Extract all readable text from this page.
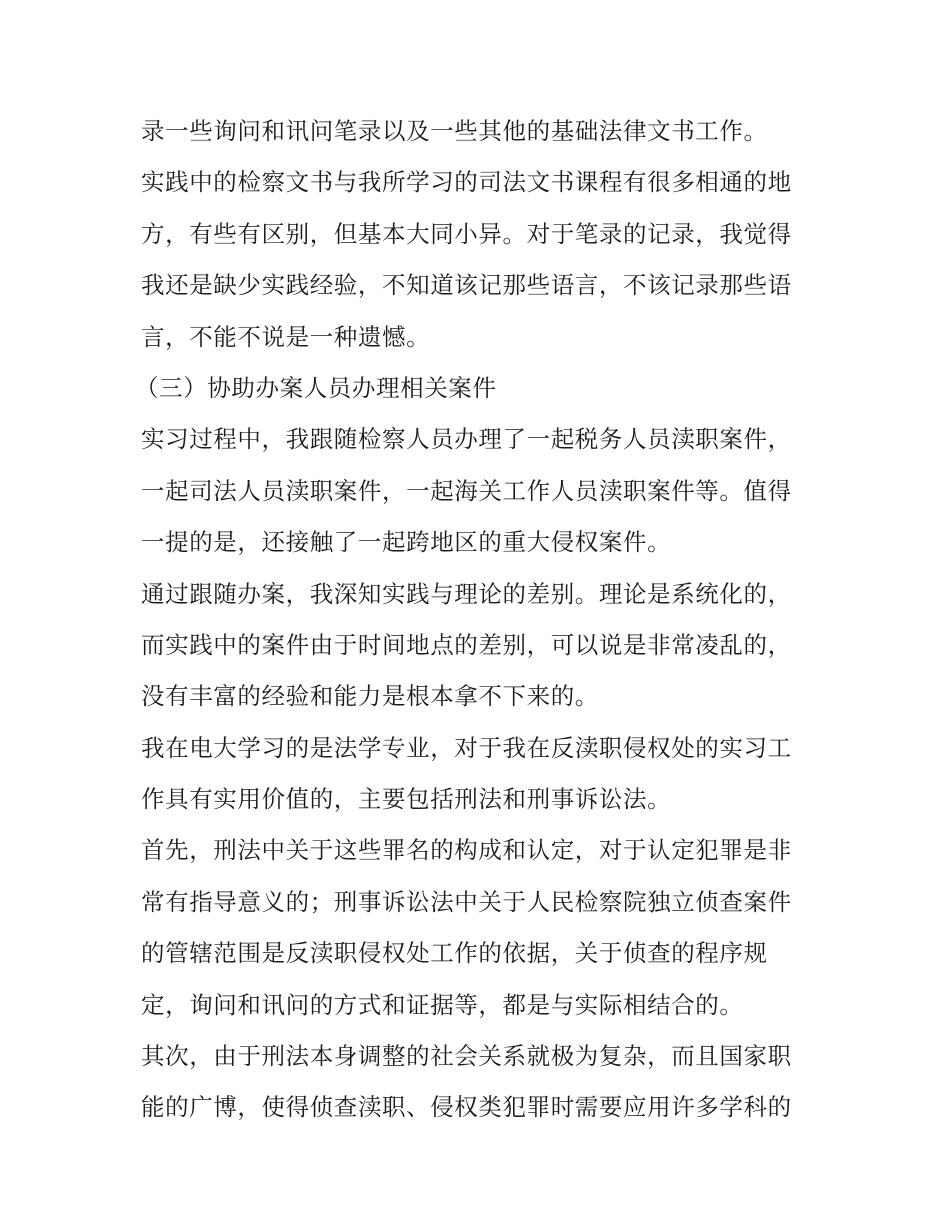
录一些询问和讯问笔录以及一些其他的基础法律文书工作。
实践中的检察文书与我所学习的司法文书课程有很多相通的地
方，有些有区别，但基本大同小异。对于笔录的记录，我觉得
我还是缺少实践经验，不知道该记那些语言，不该记录那些语
言，不能不说是一种遗憾。
（三）协助办案人员办理相关案件
实习过程中，我跟随检察人员办理了一起税务人员渎职案件，
一起司法人员渎职案件，一起海关工作人员渎职案件等。值得
一提的是，还接触了一起跨地区的重大侵权案件。
通过跟随办案，我深知实践与理论的差别。理论是系统化的，
而实践中的案件由于时间地点的差别，可以说是非常凌乱的，
没有丰富的经验和能力是根本拿不下来的。
我在电大学习的是法学专业，对于我在反渎职侵权处的实习工
作具有实用价值的，主要包括刑法和刑事诉讼法。
首先，刑法中关于这些罪名的构成和认定，对于认定犯罪是非
常有指导意义的；刑事诉讼法中关于人民检察院独立侦查案件
的管辖范围是反渎职侵权处工作的依据，关于侦查的程序规
定，询问和讯问的方式和证据等，都是与实际相结合的。
其次，由于刑法本身调整的社会关系就极为复杂，而且国家职
能的广博，使得侦查渎职、侵权类犯罪时需要应用许多学科的
